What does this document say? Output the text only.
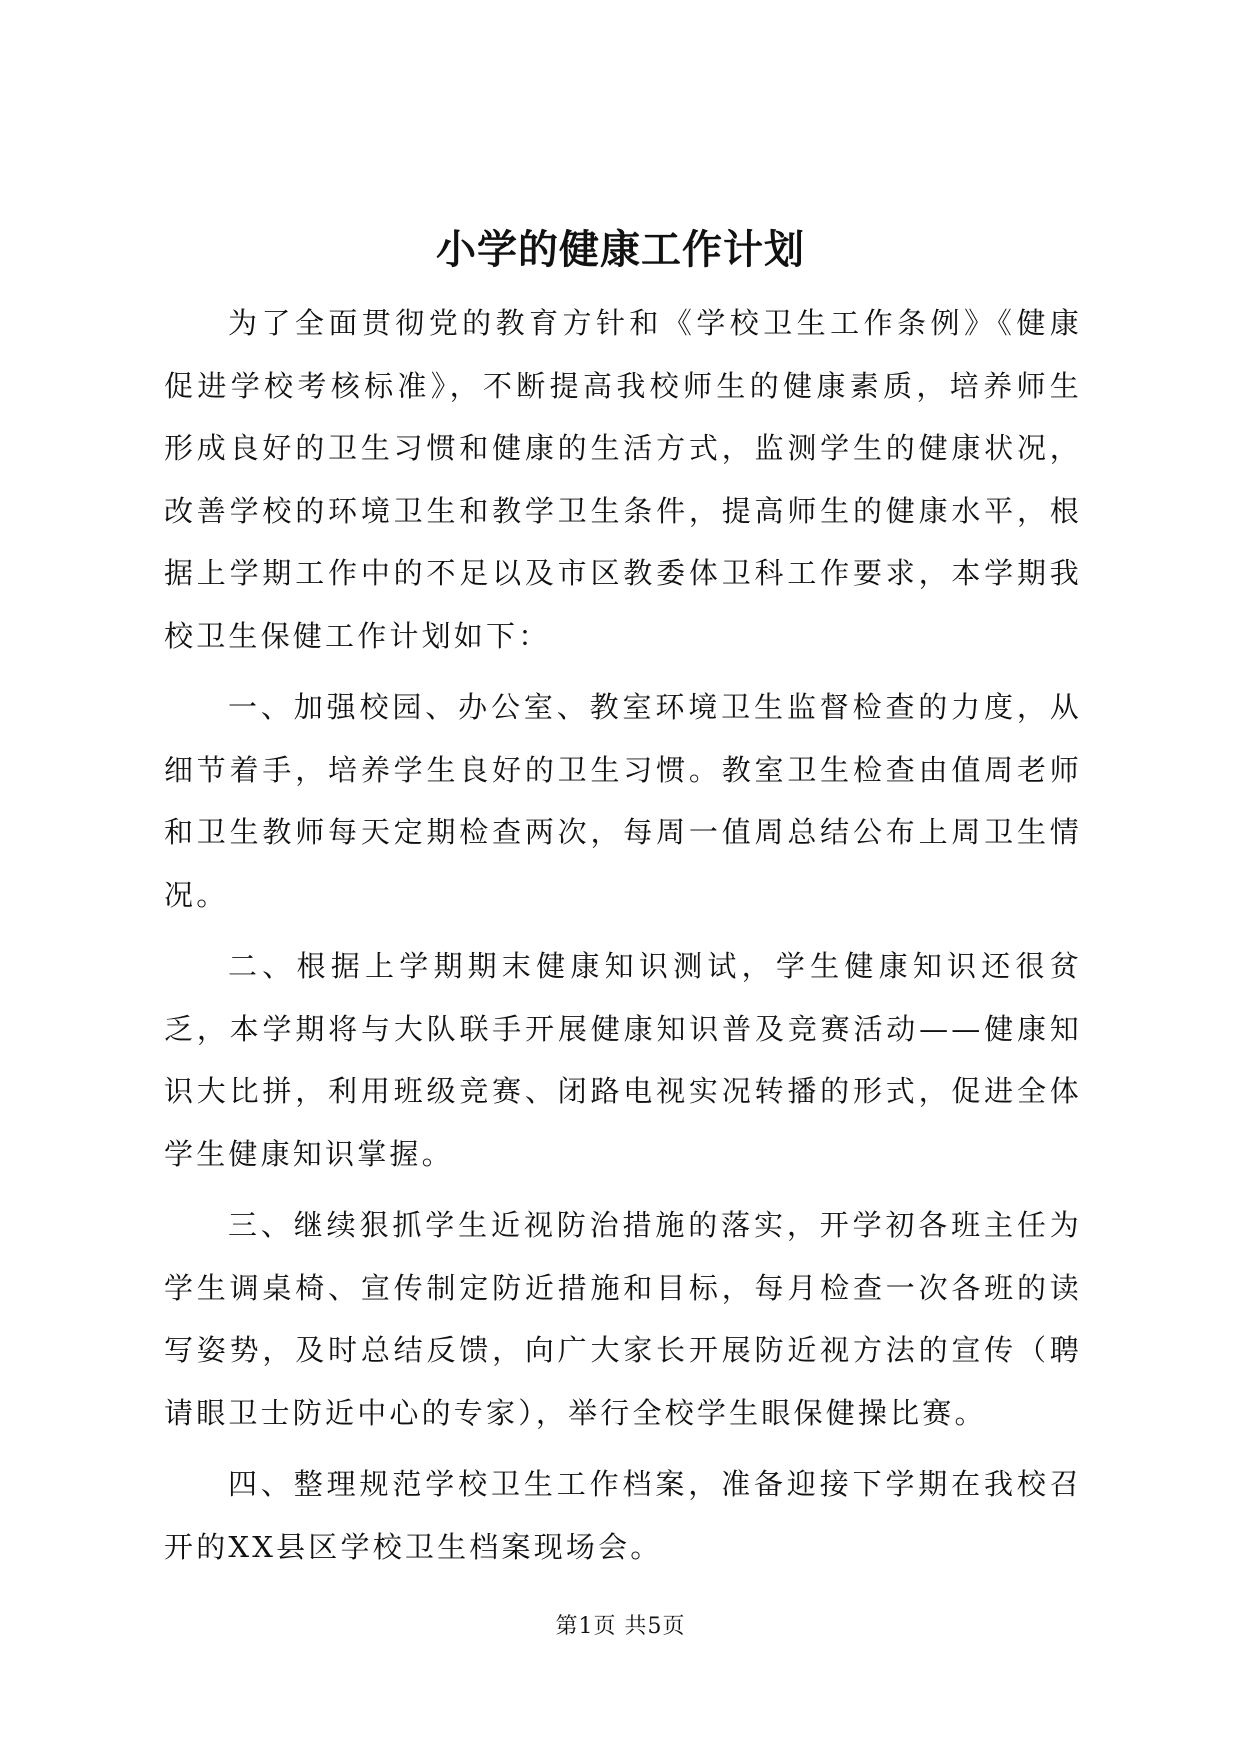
小学的健康工作计划

为了全面贯彻党的教育方针和《学校卫生工作条例》《健康促进学校考核标准》，不断提高我校师生的健康素质，培养师生形成良好的卫生习惯和健康的生活方式，监测学生的健康状况，改善学校的环境卫生和教学卫生条件，提高师生的健康水平，根据上学期工作中的不足以及市区教委体卫科工作要求，本学期我校卫生保健工作计划如下：

一、加强校园、办公室、教室环境卫生监督检查的力度，从细节着手，培养学生良好的卫生习惯。教室卫生检查由值周老师和卫生教师每天定期检查两次，每周一值周总结公布上周卫生情况。

二、根据上学期期末健康知识测试，学生健康知识还很贫乏，本学期将与大队联手开展健康知识普及竞赛活动——健康知识大比拼，利用班级竞赛、闭路电视实况转播的形式，促进全体学生健康知识掌握。

三、继续狠抓学生近视防治措施的落实，开学初各班主任为学生调桌椅、宣传制定防近措施和目标，每月检查一次各班的读写姿势，及时总结反馈，向广大家长开展防近视方法的宣传（聘请眼卫士防近中心的专家），举行全校学生眼保健操比赛。

四、整理规范学校卫生工作档案，准备迎接下学期在我校召开的XX县区学校卫生档案现场会。

第1页 共5页
